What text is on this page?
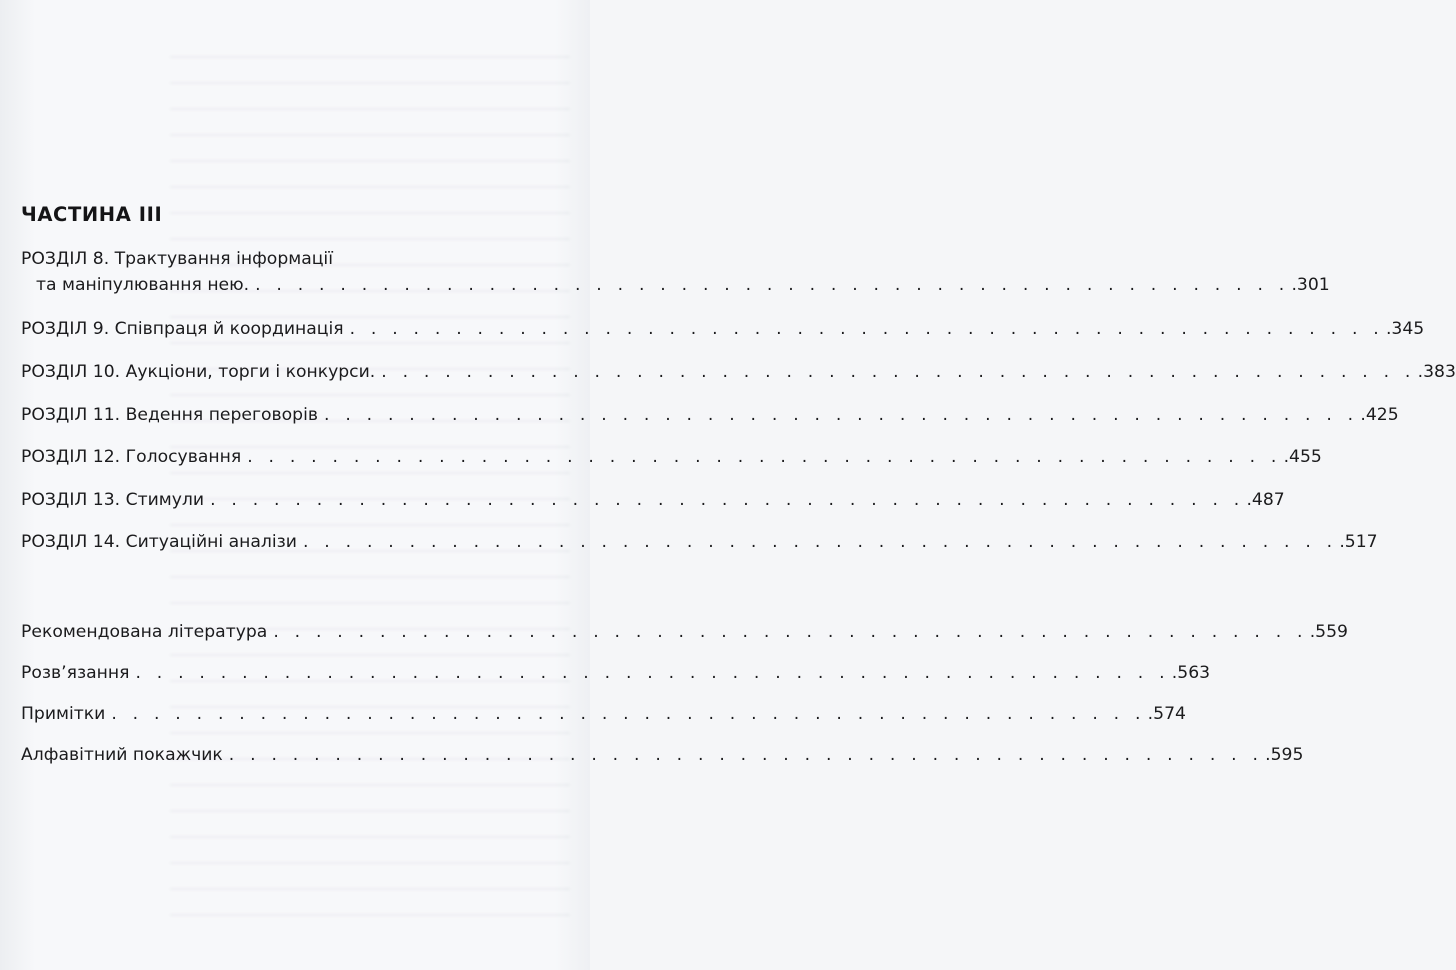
ЧАСТИНА ІІІ
РОЗДІЛ 8. Трактування інформації
та маніпулювання нею. . . . . . . . . . . . . . . . . . . . . . . . . . . . . . . . . . . . . . . . . . . . . . . . . . .301
РОЗДІЛ 9. Співпраця й координація . . . . . . . . . . . . . . . . . . . . . . . . . . . . . . . . . . . . . . . . . . . . . . . . . .345
РОЗДІЛ 10. Аукціони, торги і конкурси. . . . . . . . . . . . . . . . . . . . . . . . . . . . . . . . . . . . . . . . . . . . . . . . . . .383
РОЗДІЛ 11. Ведення переговорів . . . . . . . . . . . . . . . . . . . . . . . . . . . . . . . . . . . . . . . . . . . . . . . . . .425
РОЗДІЛ 12. Голосування . . . . . . . . . . . . . . . . . . . . . . . . . . . . . . . . . . . . . . . . . . . . . . . . . .455
РОЗДІЛ 13. Стимули . . . . . . . . . . . . . . . . . . . . . . . . . . . . . . . . . . . . . . . . . . . . . . . . . .487
РОЗДІЛ 14. Ситуаційні аналізи . . . . . . . . . . . . . . . . . . . . . . . . . . . . . . . . . . . . . . . . . . . . . . . . . .517
Рекомендована література . . . . . . . . . . . . . . . . . . . . . . . . . . . . . . . . . . . . . . . . . . . . . . . . . .559
Розв’язання . . . . . . . . . . . . . . . . . . . . . . . . . . . . . . . . . . . . . . . . . . . . . . . . . .563
Примітки . . . . . . . . . . . . . . . . . . . . . . . . . . . . . . . . . . . . . . . . . . . . . . . . . .574
Алфавітний покажчик . . . . . . . . . . . . . . . . . . . . . . . . . . . . . . . . . . . . . . . . . . . . . . . . . .595
